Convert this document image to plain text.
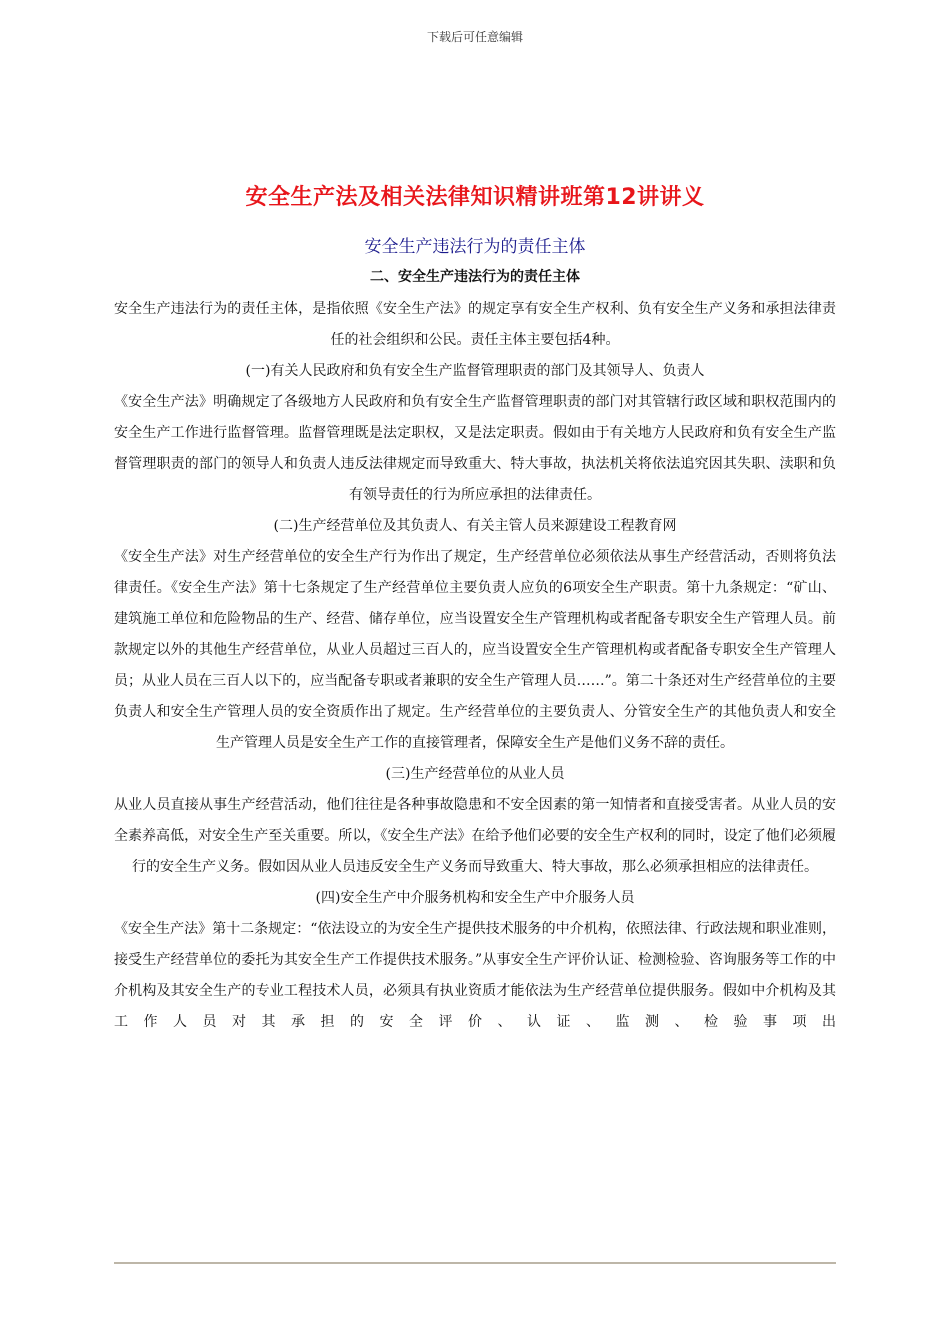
下载后可任意编辑
安全生产法及相关法律知识精讲班第12讲讲义
安全生产违法行为的责任主体
二、安全生产违法行为的责任主体

安全生产违法行为的责任主体，是指依照《安全生产法》的规定享有安全生产权利、负有安全生产义务和承担法律责任的社会组织和公民。责任主体主要包括4种。

(一)有关人民政府和负有安全生产监督管理职责的部门及其领导人、负责人

《安全生产法》明确规定了各级地方人民政府和负有安全生产监督管理职责的部门对其管辖行政区域和职权范围内的安全生产工作进行监督管理。监督管理既是法定职权，又是法定职责。假如由于有关地方人民政府和负有安全生产监督管理职责的部门的领导人和负责人违反法律规定而导致重大、特大事故，执法机关将依法追究因其失职、渎职和负有领导责任的行为所应承担的法律责任。

(二)生产经营单位及其负责人、有关主管人员来源建设工程教育网

《安全生产法》对生产经营单位的安全生产行为作出了规定，生产经营单位必须依法从事生产经营活动，否则将负法律责任。《安全生产法》第十七条规定了生产经营单位主要负责人应负的6项安全生产职责。第十九条规定：“矿山、建筑施工单位和危险物品的生产、经营、储存单位，应当设置安全生产管理机构或者配备专职安全生产管理人员。前款规定以外的其他生产经营单位，从业人员超过三百人的，应当设置安全生产管理机构或者配备专职安全生产管理人员；从业人员在三百人以下的，应当配备专职或者兼职的安全生产管理人员……”。第二十条还对生产经营单位的主要负责人和安全生产管理人员的安全资质作出了规定。生产经营单位的主要负责人、分管安全生产的其他负责人和安全生产管理人员是安全生产工作的直接管理者，保障安全生产是他们义务不辞的责任。

(三)生产经营单位的从业人员

从业人员直接从事生产经营活动，他们往往是各种事故隐患和不安全因素的第一知情者和直接受害者。从业人员的安全素养高低，对安全生产至关重要。所以，《安全生产法》在给予他们必要的安全生产权利的同时，设定了他们必须履行的安全生产义务。假如因从业人员违反安全生产义务而导致重大、特大事故，那么必须承担相应的法律责任。

(四)安全生产中介服务机构和安全生产中介服务人员

《安全生产法》第十二条规定：“依法设立的为安全生产提供技术服务的中介机构，依照法律、行政法规和职业准则，接受生产经营单位的委托为其安全生产工作提供技术服务。”从事安全生产评价认证、检测检验、咨询服务等工作的中介机构及其安全生产的专业工程技术人员，必须具有执业资质才能依法为生产经营单位提供服务。假如中介机构及其工作人员对其承担的安全评价、认证、监测、检验事项出
